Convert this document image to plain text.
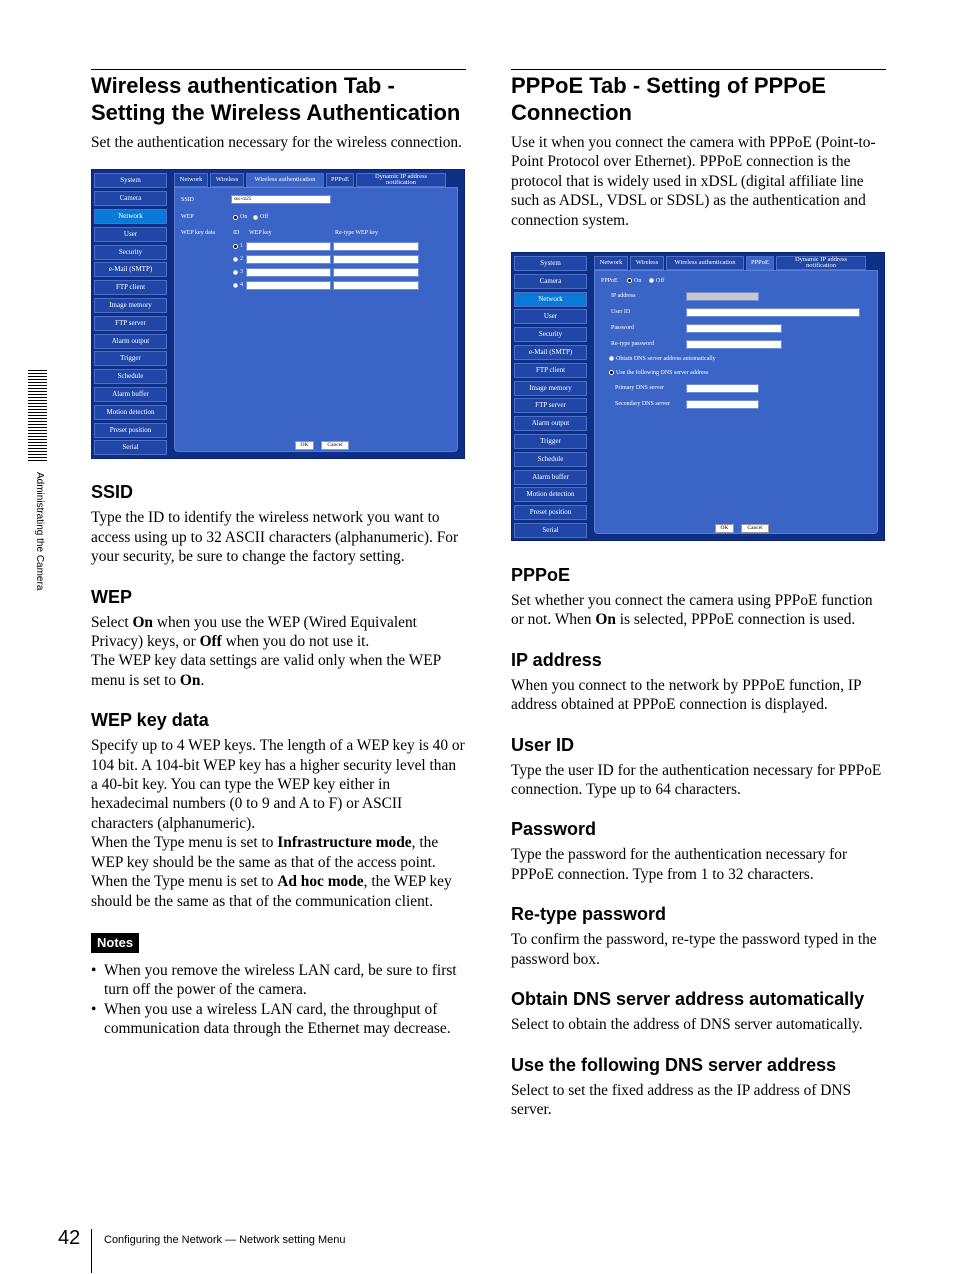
Wireless authentication Tab -
Setting the Wireless Authentication

Set the authentication necessary for the wireless connection.

System
Camera
Network
User
Security
e-Mail (SMTP)
FTP client
Image memory
FTP server
Alarm output
Trigger
Schedule
Alarm buffer
Motion detection
Preset position
Serial
Network	Wireless	Wireless authentication	PPPoE	Dynamic IP address notification
SSID	snc-rz25
WEP	On	Off
WEP key data	ID WEP key	Re-type WEP key
1
2
3
4
OK	Cancel
SSID

Type the ID to identify the wireless network you want to access using up to 32 ASCII characters (alphanumeric). For your security, be sure to change the factory setting.

WEP

Select On when you use the WEP (Wired Equivalent Privacy) keys, or Off when you do not use it.

The WEP key data settings are valid only when the WEP menu is set to On.

WEP key data

Specify up to 4 WEP keys. The length of a WEP key is 40 or 104 bit. A 104-bit WEP key has a higher security level than a 40-bit key. You can type the WEP key either in hexadecimal numbers (0 to 9 and A to F) or ASCII characters (alphanumeric).

When the Type menu is set to Infrastructure mode, the WEP key should be the same as that of the access point. When the Type menu is set to Ad hoc mode, the WEP key should be the same as that of the communication client.

Notes
• When you remove the wireless LAN card, be sure to first turn off the power of the camera.
• When you use a wireless LAN card, the throughput of communication data through the Ethernet may decrease.
PPPoE Tab - Setting of PPPoE
Connection

Use it when you connect the camera with PPPoE (Point-to-Point Protocol over Ethernet). PPPoE connection is the protocol that is widely used in xDSL (digital affiliate line such as ADSL, VDSL or SDSL) as the authentication and connection system.

System
Camera
Network
User
Security
e-Mail (SMTP)
FTP client
Image memory
FTP server
Alarm output
Trigger
Schedule
Alarm buffer
Motion detection
Preset position
Serial
Network	Wireless	Wireless authentication	PPPoE	Dynamic IP address notification
PPPoE	On	Off
IP address
User ID
Password
Re-type password
Obtain DNS server address automatically
Use the following DNS server address
Primary DNS server
Secondary DNS server
OK	Cancel
PPPoE

Set whether you connect the camera using PPPoE function or not. When On is selected, PPPoE connection is used.

IP address

When you connect to the network by PPPoE function, IP address obtained at PPPoE connection is displayed.

User ID

Type the user ID for the authentication necessary for PPPoE connection. Type up to 64 characters.

Password

Type the password for the authentication necessary for PPPoE connection. Type from 1 to 32 characters.

Re-type password

To confirm the password, re-type the password typed in the password box.

Obtain DNS server address automatically

Select to obtain the address of DNS server automatically.

Use the following DNS server address

Select to set the fixed address as the IP address of DNS server.

Administrating the Camera
42 Configuring the Network — Network setting Menu
